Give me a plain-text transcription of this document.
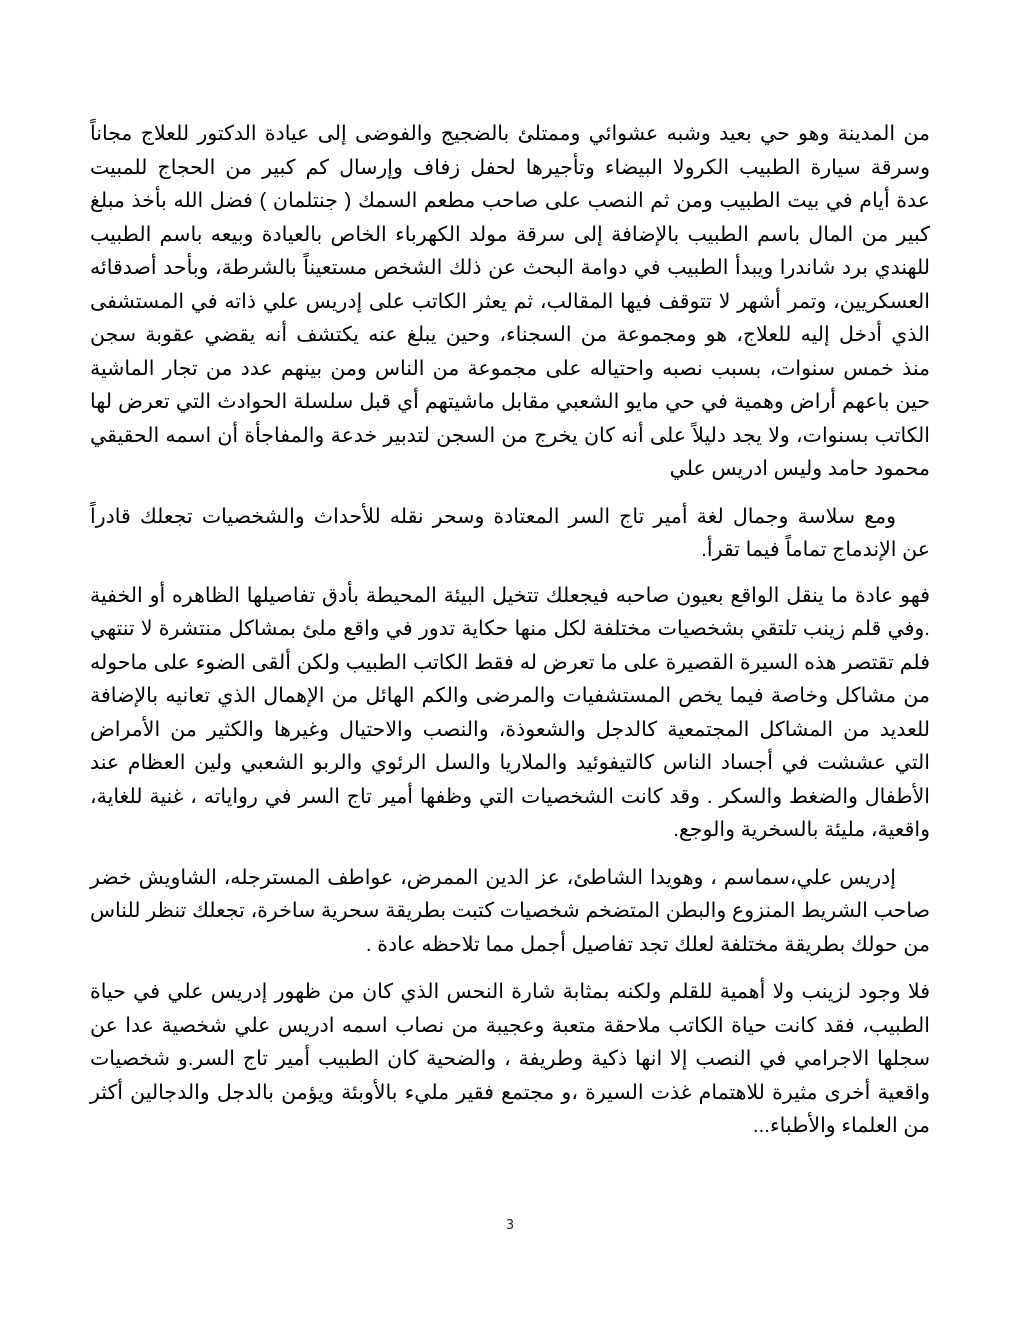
من المدينة وهو حي بعيد وشبه عشوائي وممتلئ بالضجيج والفوضى إلى عيادة الدكتور للعلاج مجاناً
وسرقة سيارة الطبيب الكرولا البيضاء وتأجيرها لحفل زفاف وإرسال كم كبير من الحجاج للمبيت
عدة أيام في بيت الطبيب ومن ثم النصب على صاحب مطعم السمك ( جنتلمان ) فضل الله بأخذ مبلغ
كبير من المال باسم الطبيب بالإضافة إلى سرقة مولد الكهرباء الخاص بالعيادة وبيعه باسم الطبيب
للهندي برد شاندرا ويبدأ الطبيب في دوامة البحث عن ذلك الشخص مستعيناً بالشرطة، وبأحد أصدقائه
العسكريين، وتمر أشهر لا تتوقف فيها المقالب، ثم يعثر الكاتب على إدريس علي ذاته في المستشفى
الذي أدخل إليه للعلاج، هو ومجموعة من السجناء، وحين يبلغ عنه يكتشف أنه يقضي عقوبة سجن
منذ خمس سنوات، بسبب نصبه واحتياله على مجموعة من الناس ومن بينهم عدد من تجار الماشية
حين باعهم أراض وهمية في حي مايو الشعبي مقابل ماشيتهم أي قبل سلسلة الحوادث التي تعرض لها
الكاتب بسنوات، ولا يجد دليلاً على أنه كان يخرج من السجن لتدبير خدعة والمفاجأة أن اسمه الحقيقي
محمود حامد وليس ادريس علي
ومع سلاسة وجمال لغة أمير تاج السر المعتادة وسحر نقله للأحداث والشخصيات تجعلك قادراً
عن الإندماج تماماً فيما تقرأ.
فهو عادة ما ينقل الواقع بعيون صاحبه فيجعلك تتخيل البيئة المحيطة بأدق تفاصيلها الظاهره أو الخفية
.وفي قلم زينب تلتقي بشخصيات مختلفة لكل منها حكاية تدور في واقع ملئ بمشاكل منتشرة لا تنتهي
فلم تقتصر هذه السيرة القصيرة على ما تعرض له فقط الكاتب الطبيب ولكن ألقى الضوء على ماحوله
من مشاكل وخاصة فيما يخص المستشفيات والمرضى والكم الهائل من الإهمال الذي تعانيه بالإضافة
للعديد من المشاكل المجتمعية كالدجل والشعوذة، والنصب والاحتيال وغيرها والكثير من الأمراض
التي عششت في أجساد الناس كالتيفوئيد والملاريا والسل الرئوي والربو الشعبي ولين العظام عند
الأطفال والضغط والسكر . وقد كانت الشخصيات التي وظفها أمير تاج السر في رواياته ، غنية للغاية،
واقعية، مليئة بالسخرية والوجع.
إدريس علي،سماسم ، وهويدا الشاطئ، عز الدين الممرض، عواطف المسترجله، الشاويش خضر
صاحب الشريط المنزوع والبطن المتضخم شخصيات كتبت بطريقة سحرية ساخرة، تجعلك تنظر للناس
من حولك بطريقة مختلفة لعلك تجد تفاصيل أجمل مما تلاحظه عادة .
فلا وجود لزينب ولا أهمية للقلم ولكنه بمثابة شارة النحس الذي كان من ظهور إدريس علي في حياة
الطبيب، فقد كانت حياة الكاتب ملاحقة متعبة وعجيبة من نصاب اسمه ادريس علي شخصية عدا عن
سجلها الاجرامي في النصب إلا انها ذكية وطريفة ، والضحية كان الطبيب أمير تاج السر.و شخصيات
واقعية أخرى مثيرة للاهتمام غذت السيرة ،و مجتمع فقير مليء بالأوبئة ويؤمن بالدجل والدجالين أكثر
من العلماء والأطباء...
3
